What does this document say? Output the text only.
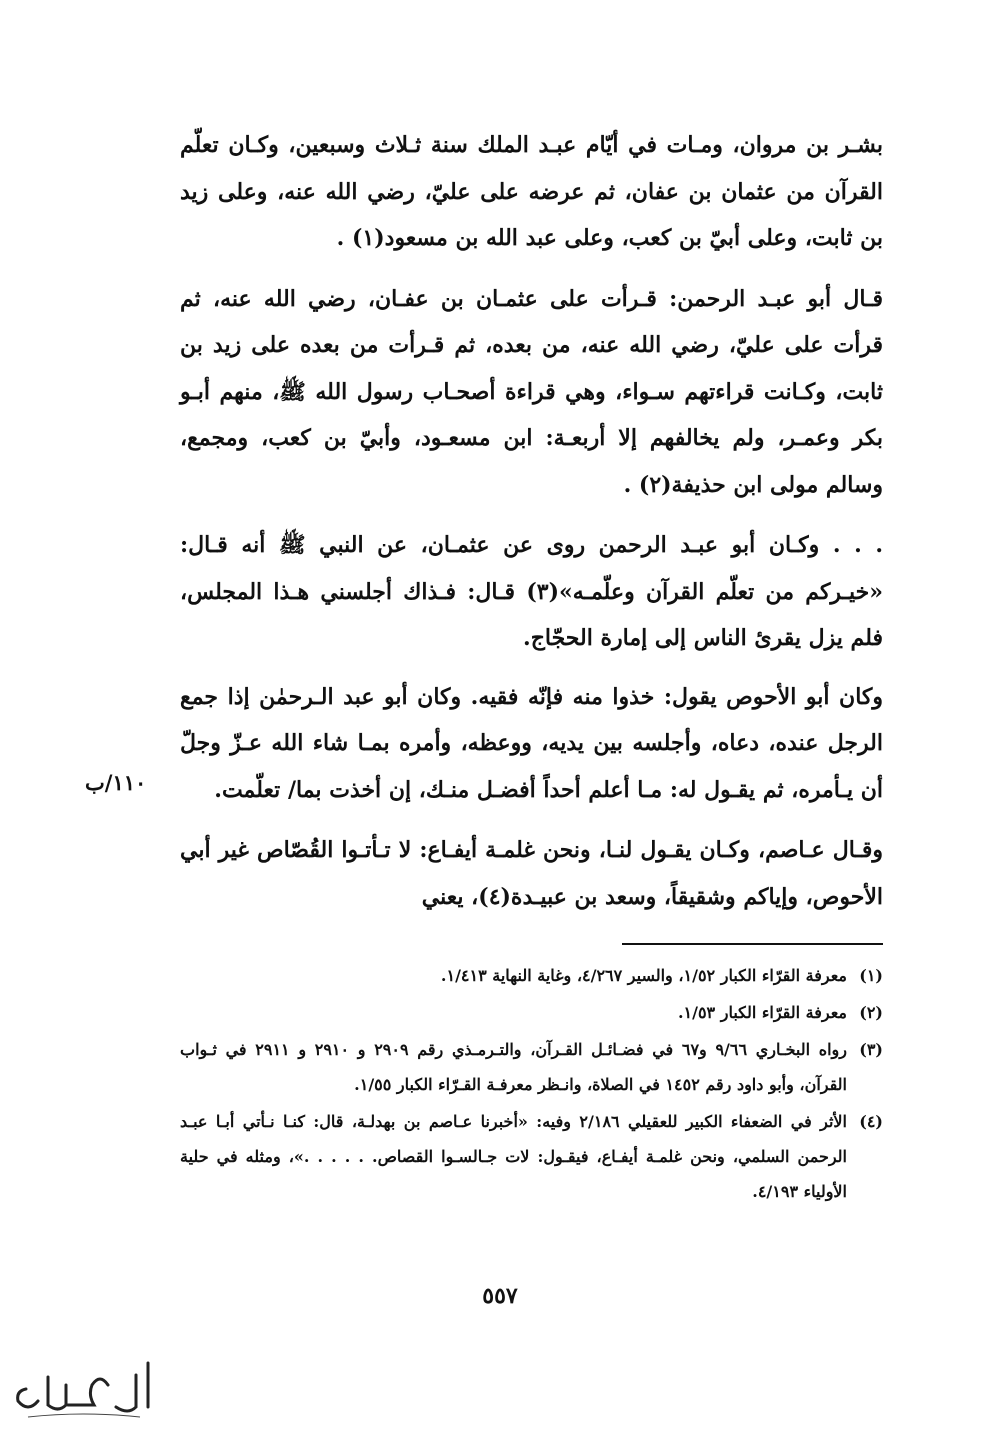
بشـر بن مروان، ومـات في أيّام عبـد الملك سنة ثـلاث وسبعين، وكـان تعلّم القرآن من عثمان بن عفان، ثم عرضه على عليّ، رضي الله عنه، وعلى زيد بن ثابت، وعلى أبيّ بن كعب، وعلى عبد الله بن مسعود(١) .

قـال أبو عبـد الرحمن: قـرأت على عثمـان بن عفـان، رضي الله عنه، ثم قرأت على عليّ، رضي الله عنه، من بعده، ثم قـرأت من بعده على زيد بن ثابت، وكـانت قراءتهم سـواء، وهي قراءة أصحـاب رسول الله ﷺ، منهم أبـو بكر وعمـر، ولم يخالفهم إلا أربعـة: ابن مسعـود، وأبيّ بن كعب، ومجمع، وسالم مولى ابن حذيفة(٢) .

. . . وكـان أبو عبـد الرحمن روى عن عثمـان، عن النبي ﷺ أنه قـال: «خيـركم من تعلّم القرآن وعلّمـه»(٣) قـال: فـذاك أجلسني هـذا المجلس، فلم يزل يقرئ الناس إلى إمارة الحجّاج.

وكان أبو الأحوص يقول: خذوا منه فإنّه فقيه. وكان أبو عبد الـرحمٰن إذا جمع الرجل عنده، دعاه، وأجلسه بين يديه، ووعظه، وأمره بمـا شاء الله عـزّ وجلّ أن يـأمره، ثم يقـول له: مـا أعلم أحداً أفضـل منـك، إن أخذت بما/ تعلّمت.

وقـال عـاصم، وكـان يقـول لنـا، ونحن غلمـة أيفـاع: لا تـأتـوا القُصّاص غير أبي الأحوص، وإياكم وشقيقاً، وسعد بن عبيـدة(٤)، يعني

١١٠/ب
(١)
معرفة القرّاء الكبار ١/٥٢، والسير ٤/٢٦٧، وغاية النهاية ١/٤١٣.
(٢)
معرفة القرّاء الكبار ١/٥٣.
(٣)
رواه البخـاري ٩/٦٦ و٦٧ في فضـائـل القـرآن، والتـرمـذي رقم ٢٩٠٩ و ٢٩١٠ و ٢٩١١ في ثـواب القرآن، وأبو داود رقم ١٤٥٢ في الصلاة، وانـظر معرفـة القـرّاء الكبار ١/٥٥.
(٤)
الأثر في الضعفاء الكبير للعقيلي ٢/١٨٦ وفيه: «أخبرنا عـاصم بن بهدلـة، قال: كنـا نـأتي أبـا عبـد الرحمن السلمي، ونحن غلمـة أيفـاع، فيقـول: لات جـالسـوا القصاص. . . . . .»، ومثله في حلية الأولياء ٤/١٩٣.
٥٥٧
